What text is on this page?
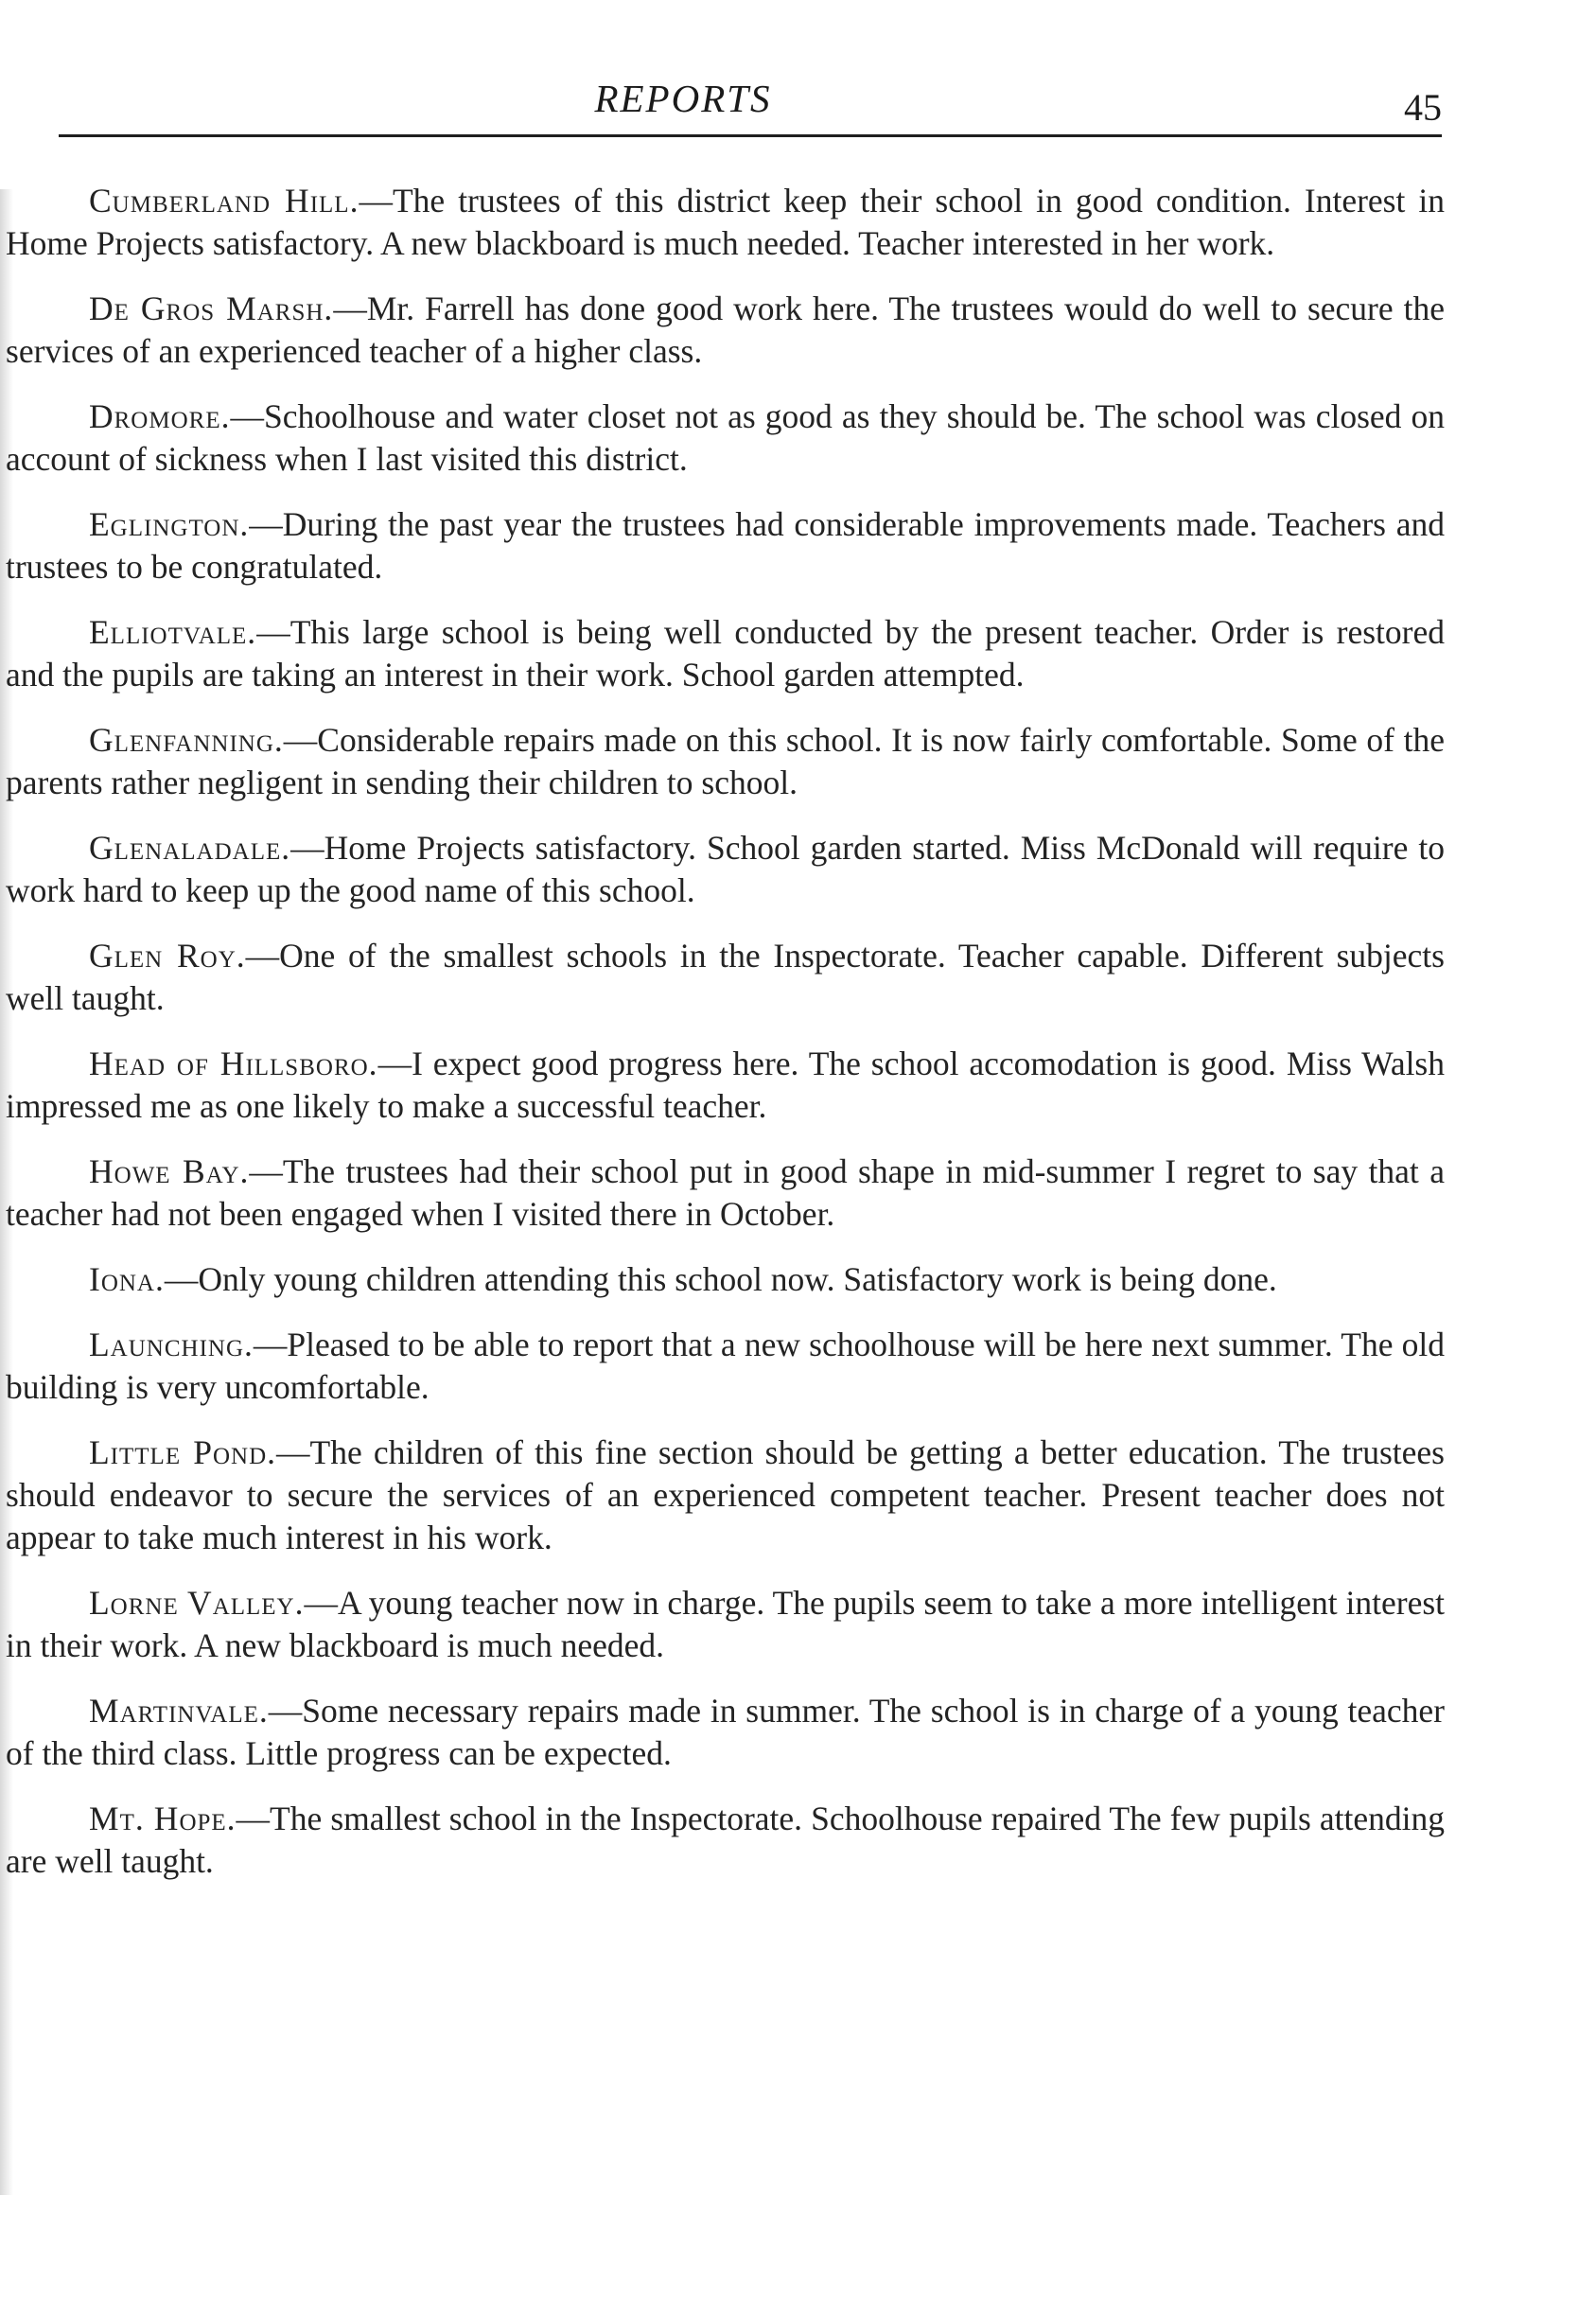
REPORTS	45

Cumberland Hill.—The trustees of this district keep their school in good condition. Interest in Home Projects satisfactory. A new blackboard is much needed. Teacher interested in her work.

De Gros Marsh.—Mr. Farrell has done good work here. The trustees would do well to secure the services of an experienced teacher of a higher class.

Dromore.—Schoolhouse and water closet not as good as they should be. The school was closed on account of sickness when I last visited this district.

Eglington.—During the past year the trustees had considerable improvements made. Teachers and trustees to be congratulated.

Elliotvale.—This large school is being well conducted by the present teacher. Order is restored and the pupils are taking an interest in their work. School garden attempted.

Glenfanning.—Considerable repairs made on this school. It is now fairly comfortable. Some of the parents rather negligent in sending their children to school.

Glenaladale.—Home Projects satisfactory. School garden started. Miss McDonald will require to work hard to keep up the good name of this school.

Glen Roy.—One of the smallest schools in the Inspectorate. Teacher capable. Different subjects well taught.

Head of Hillsboro.—I expect good progress here. The school accomodation is good. Miss Walsh impressed me as one likely to make a successful teacher.

Howe Bay.—The trustees had their school put in good shape in mid-summer I regret to say that a teacher had not been engaged when I visited there in October.

Iona.—Only young children attending this school now. Satisfactory work is being done.

Launching.—Pleased to be able to report that a new schoolhouse will be here next summer. The old building is very uncomfortable.

Little Pond.—The children of this fine section should be getting a better education. The trustees should endeavor to secure the services of an experienced competent teacher. Present teacher does not appear to take much interest in his work.

Lorne Valley.—A young teacher now in charge. The pupils seem to take a more intelligent interest in their work. A new blackboard is much needed.

Martinvale.—Some necessary repairs made in summer. The school is in charge of a young teacher of the third class. Little progress can be expected.

Mt. Hope.—The smallest school in the Inspectorate. Schoolhouse repaired The few pupils attending are well taught.
